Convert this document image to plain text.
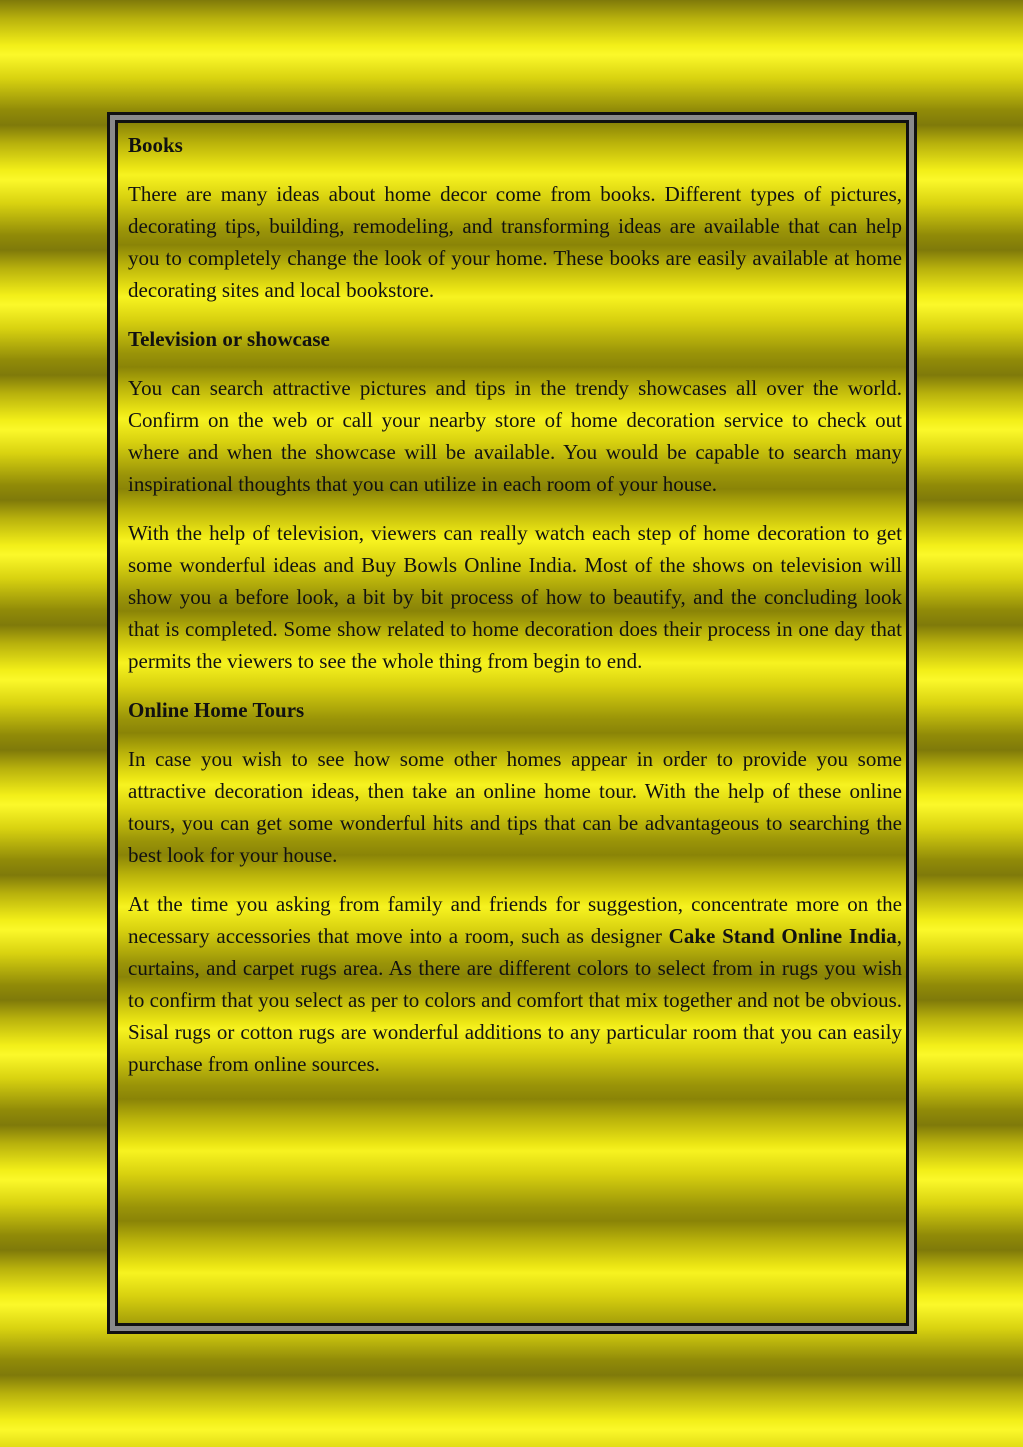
Books

There are many ideas about home decor come from books. Different types of pictures, decorating tips, building, remodeling, and transforming ideas are available that can help you to completely change the look of your home. These books are easily available at home decorating sites and local bookstore.

Television or showcase

You can search attractive pictures and tips in the trendy showcases all over the world. Confirm on the web or call your nearby store of home decoration service to check out where and when the showcase will be available. You would be capable to search many inspirational thoughts that you can utilize in each room of your house.

With the help of television, viewers can really watch each step of home decoration to get some wonderful ideas and Buy Bowls Online India. Most of the shows on television will show you a before look, a bit by bit process of how to beautify, and the concluding look that is completed. Some show related to home decoration does their process in one day that permits the viewers to see the whole thing from begin to end.

Online Home Tours

In case you wish to see how some other homes appear in order to provide you some attractive decoration ideas, then take an online home tour. With the help of these online tours, you can get some wonderful hits and tips that can be advantageous to searching the best look for your house.

At the time you asking from family and friends for suggestion, concentrate more on the necessary accessories that move into a room, such as designer Cake Stand Online India, curtains, and carpet rugs area. As there are different colors to select from in rugs you wish to confirm that you select as per to colors and comfort that mix together and not be obvious. Sisal rugs or cotton rugs are wonderful additions to any particular room that you can easily purchase from online sources.
